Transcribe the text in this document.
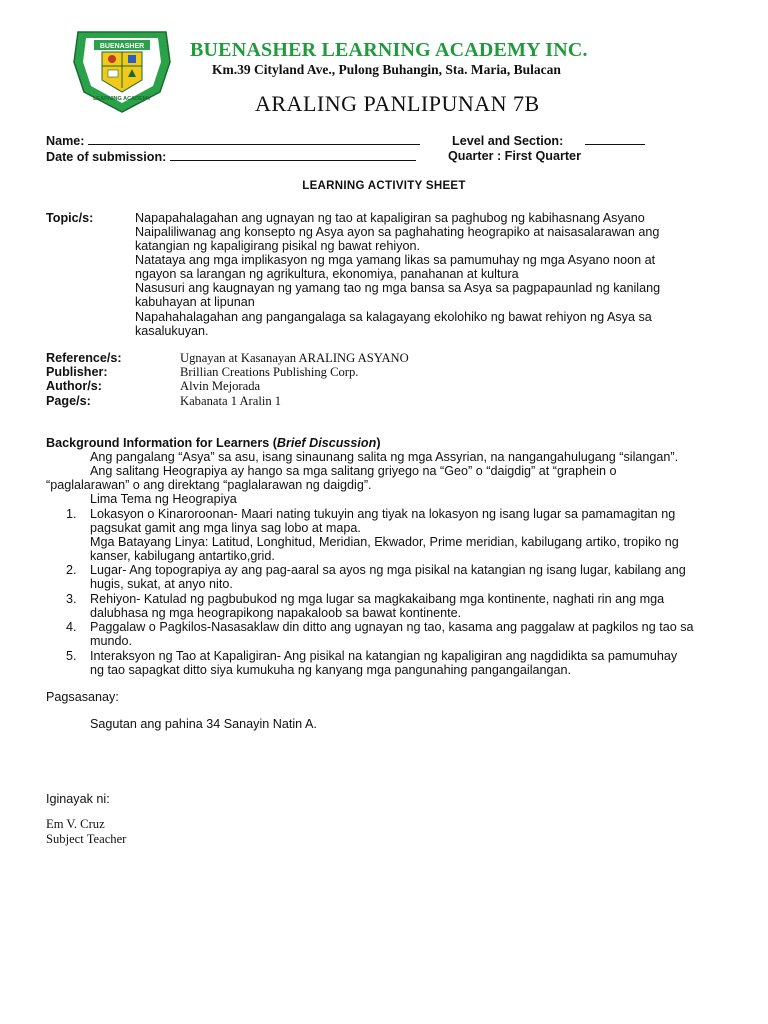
BUENASHER
LEARNING ACADEMY
BUENASHER LEARNING ACADEMY INC.
Km.39 Cityland Ave., Pulong Buhangin, Sta. Maria, Bulacan
ARALING PANLIPUNAN 7B
Name:	Level and Section:
Date of submission:	Quarter : First Quarter
LEARNING ACTIVITY SHEET
Topic/s:	Napapahalagahan ang ugnayan ng tao at kapaligiran sa paghubog ng kabihasnang Asyano
Naipaliliwanag ang konsepto ng Asya ayon sa paghahating heograpiko at naisasalarawan ang
katangian ng kapaligirang pisikal ng bawat rehiyon.
Natataya ang mga implikasyon ng mga yamang likas sa pamumuhay ng mga Asyano noon at
ngayon sa larangan ng agrikultura, ekonomiya, panahanan at kultura
Nasusuri ang kaugnayan ng yamang tao ng mga bansa sa Asya sa pagpapaunlad ng kanilang
kabuhayan at lipunan
Napahahalagahan ang pangangalaga sa kalagayang ekolohiko ng bawat rehiyon ng Asya sa
kasalukuyan.
Reference/s:	Ugnayan at Kasanayan ARALING ASYANO
Publisher:	Brillian Creations Publishing Corp.
Author/s:	Alvin Mejorada
Page/s:	Kabanata 1 Aralin 1
Background Information for Learners (Brief Discussion)
Ang pangalang “Asya” sa asu, isang sinaunang salita ng mga Assyrian, na nangangahulugang “silangan”.
Ang salitang Heograpiya ay hango sa mga salitang griyego na “Geo” o “daigdig” at “graphein o
“paglalarawan” o ang direktang “paglalarawan ng daigdig”.
Lima Tema ng Heograpiya
1. Lokasyon o Kinaroroonan- Maari nating tukuyin ang tiyak na lokasyon ng isang lugar sa pamamagitan ng
pagsukat gamit ang mga linya sag lobo at mapa.
Mga Batayang Linya: Latitud, Longhitud, Meridian, Ekwador, Prime meridian, kabilugang artiko, tropiko ng
kanser, kabilugang antartiko,grid.
2. Lugar- Ang topograpiya ay ang pag-aaral sa ayos ng mga pisikal na katangian ng isang lugar, kabilang ang
hugis, sukat, at anyo nito.
3. Rehiyon- Katulad ng pagbubukod ng mga lugar sa magkakaibang mga kontinente, naghati rin ang mga
dalubhasa ng mga heograpikong napakaloob sa bawat kontinente.
4. Paggalaw o Pagkilos-Nasasaklaw din ditto ang ugnayan ng tao, kasama ang paggalaw at pagkilos ng tao sa
mundo.
5. Interaksyon ng Tao at Kapaligiran- Ang pisikal na katangian ng kapaligiran ang nagdidikta sa pamumuhay
ng tao sapagkat ditto siya kumukuha ng kanyang mga pangunahing pangangailangan.
Pagsasanay:
Sagutan ang pahina 34 Sanayin Natin A.
Iginayak ni:
Em V. Cruz
Subject Teacher
